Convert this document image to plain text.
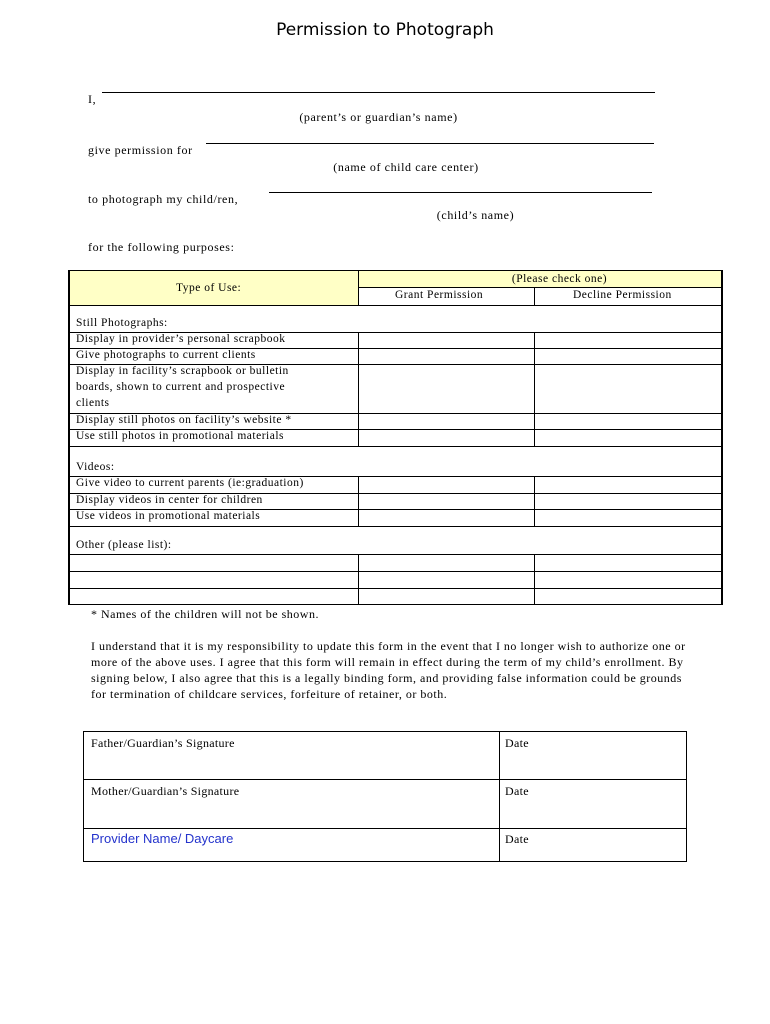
Permission to Photograph
I,
(parent’s or guardian’s name)
give permission for
(name of child care center)
to photograph my child/ren,
(child’s name)
for the following purposes:
Type of Use:
(Please check one)
Grant Permission	Decline Permission
Still Photographs:
Display in provider’s personal scrapbook
Give photographs to current clients
Display in facility’s scrapbook or bulletin
boards, shown to current and prospective
clients
Display still photos on facility’s website *
Use still photos in promotional materials
Videos:
Give video to current parents (ie:graduation)
Display videos in center for children
Use videos in promotional materials
Other (please list):
* Names of the children will not be shown.
I understand that it is my responsibility to update this form in the event that I no longer wish to authorize one or more of the above uses. I agree that this form will remain in effect during the term of my child’s enrollment. By signing below, I also agree that this is a legally binding form, and providing false information could be grounds for termination of childcare services, forfeiture of retainer, or both.
Father/Guardian’s Signature	Date
Mother/Guardian’s Signature	Date
Provider Name/ Daycare	Date
